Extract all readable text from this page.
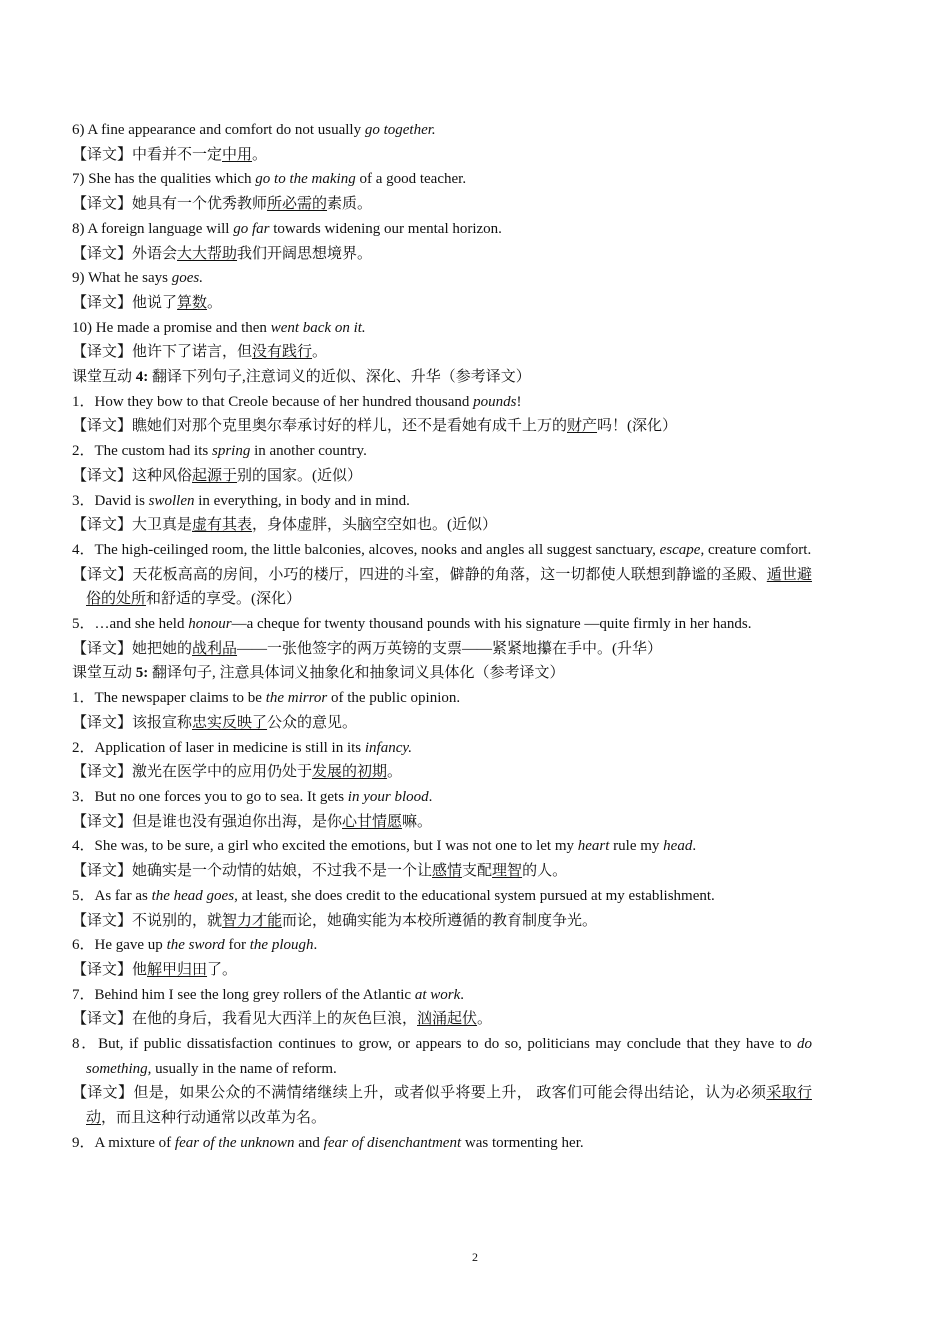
6) A fine appearance and comfort do not usually go together.
【译文】中看并不一定中用。
7) She has the qualities which go to the making of a good teacher.
【译文】她具有一个优秀教师所必需的素质。
8) A foreign language will go far towards widening our mental horizon.
【译文】外语会大大帮助我们开阔思想境界。
9) What he says goes.
【译文】他说了算数。
10) He made a promise and then went back on it.
【译文】他许下了诺言，但没有践行。
课堂互动 4: 翻译下列句子,注意词义的近似、深化、升华（参考译文）
1．How they bow to that Creole because of her hundred thousand pounds!
【译文】瞧她们对那个克里奥尔奉承讨好的样儿，还不是看她有成千上万的财产吗！(深化）
2．The custom had its spring in another country.
【译文】这种风俗起源于别的国家。(近似）
3．David is swollen in everything, in body and in mind.
【译文】大卫真是虚有其表，身体虚胖，头脑空空如也。(近似）
4．The high-ceilinged room, the little balconies, alcoves, nooks and angles all suggest sanctuary, escape, creature comfort.
【译文】天花板高高的房间，小巧的楼厅，四进的斗室，僻静的角落，这一切都使人联想到静谧的圣殿、遁世避俗的处所和舒适的享受。(深化）
5．…and she held honour—a cheque for twenty thousand pounds with his signature —quite firmly in her hands.
【译文】她把她的战利品——一张他签字的两万英镑的支票——紧紧地攥在手中。(升华）
课堂互动 5: 翻译句子, 注意具体词义抽象化和抽象词义具体化（参考译文）
1．The newspaper claims to be the mirror of the public opinion.
【译文】该报宣称忠实反映了公众的意见。
2．Application of laser in medicine is still in its infancy.
【译文】激光在医学中的应用仍处于发展的初期。
3．But no one forces you to go to sea. It gets in your blood.
【译文】但是谁也没有强迫你出海，是你心甘情愿嘛。
4．She was, to be sure, a girl who excited the emotions, but I was not one to let my heart rule my head.
【译文】她确实是一个动情的姑娘，不过我不是一个让感情支配理智的人。
5．As far as the head goes, at least, she does credit to the educational system pursued at my establishment.
【译文】不说别的，就智力才能而论，她确实能为本校所遵循的教育制度争光。
6．He gave up the sword for the plough.
【译文】他解甲归田了。
7．Behind him I see the long grey rollers of the Atlantic at work.
【译文】在他的身后，我看见大西洋上的灰色巨浪，汹涌起伏。
8．But, if public dissatisfaction continues to grow, or appears to do so, politicians may conclude that they have to do something, usually in the name of reform.
【译文】但是，如果公众的不满情绪继续上升，或者似乎将要上升， 政客们可能会得出结论，认为必须采取行动，而且这种行动通常以改革为名。
9．A mixture of fear of the unknown and fear of disenchantment was tormenting her.
2
